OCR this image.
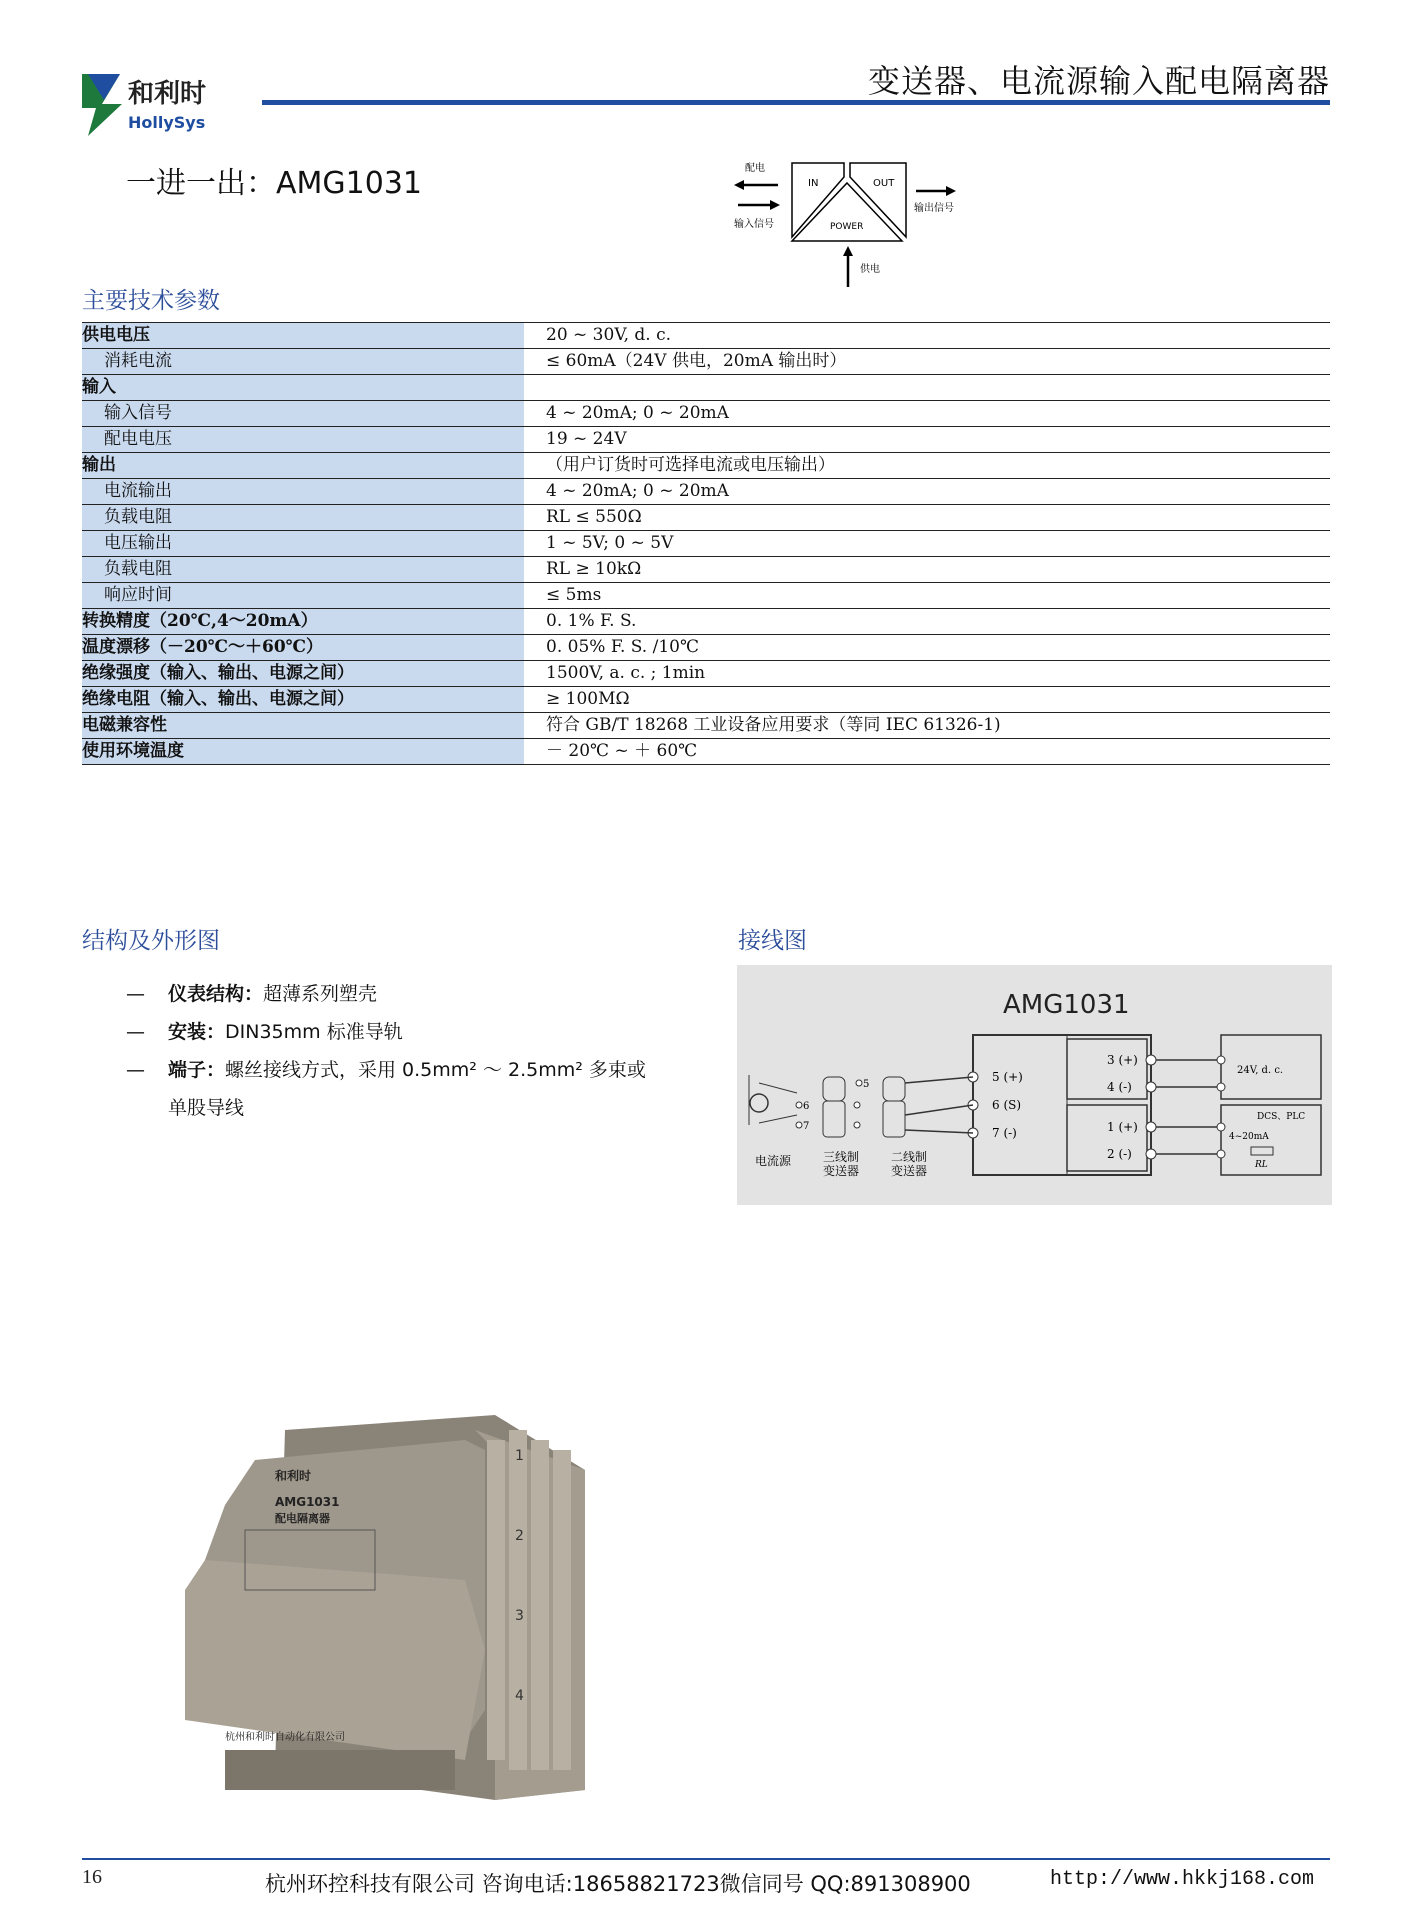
和利时
HollySys
变送器、电流源输入配电隔离器
一进一出：AMG1031	配电
输入信号
IN	OUT
POWER
输出信号
供电
主要技术参数
供电电压	20 ~ 30V, d. c.
消耗电流	≤ 60mA（24V 供电，20mA 输出时）
输入	
输入信号	4 ~ 20mA; 0 ~ 20mA
配电电压	19 ~ 24V
输出	（用户订货时可选择电流或电压输出）
电流输出	4 ~ 20mA; 0 ~ 20mA
负载电阻	RL ≤ 550Ω
电压输出	1 ~ 5V; 0 ~ 5V
负载电阻	RL ≥ 10kΩ
响应时间	≤ 5ms
转换精度（20℃,4～20mA）	0. 1% F. S.
温度漂移（－20℃～＋60℃）	0. 05% F. S. /10℃
绝缘强度（输入、输出、电源之间）	1500V, a. c. ; 1min
绝缘电阻（输入、输出、电源之间）	≥ 100MΩ
电磁兼容性	符合 GB/T 18268 工业设备应用要求（等同 IEC 61326-1)
使用环境温度	－ 20℃ ~ ＋ 60℃
结构及外形图
— 仪表结构：超薄系列塑壳
— 安装：DIN35mm 标准导轨
— 端子：螺丝接线方式，采用 0.5mm² ～ 2.5mm² 多束或
单股导线
接线图
AMG1031
5 (+)
6 (S)
7 (-)
3 (+)
4 (-)
1 (+)
2 (-)
24V, d. c.
DCS、PLC
4~20mA
RL
6
7
5
电流源	三线制
变送器
二线制
变送器
1
2
3
4
和利时
AMG1031
配电隔离器
杭州和利时自动化有限公司
16	杭州环控科技有限公司 咨询电话:18658821723微信同号 QQ:891308900	http://www.hkkj168.com
